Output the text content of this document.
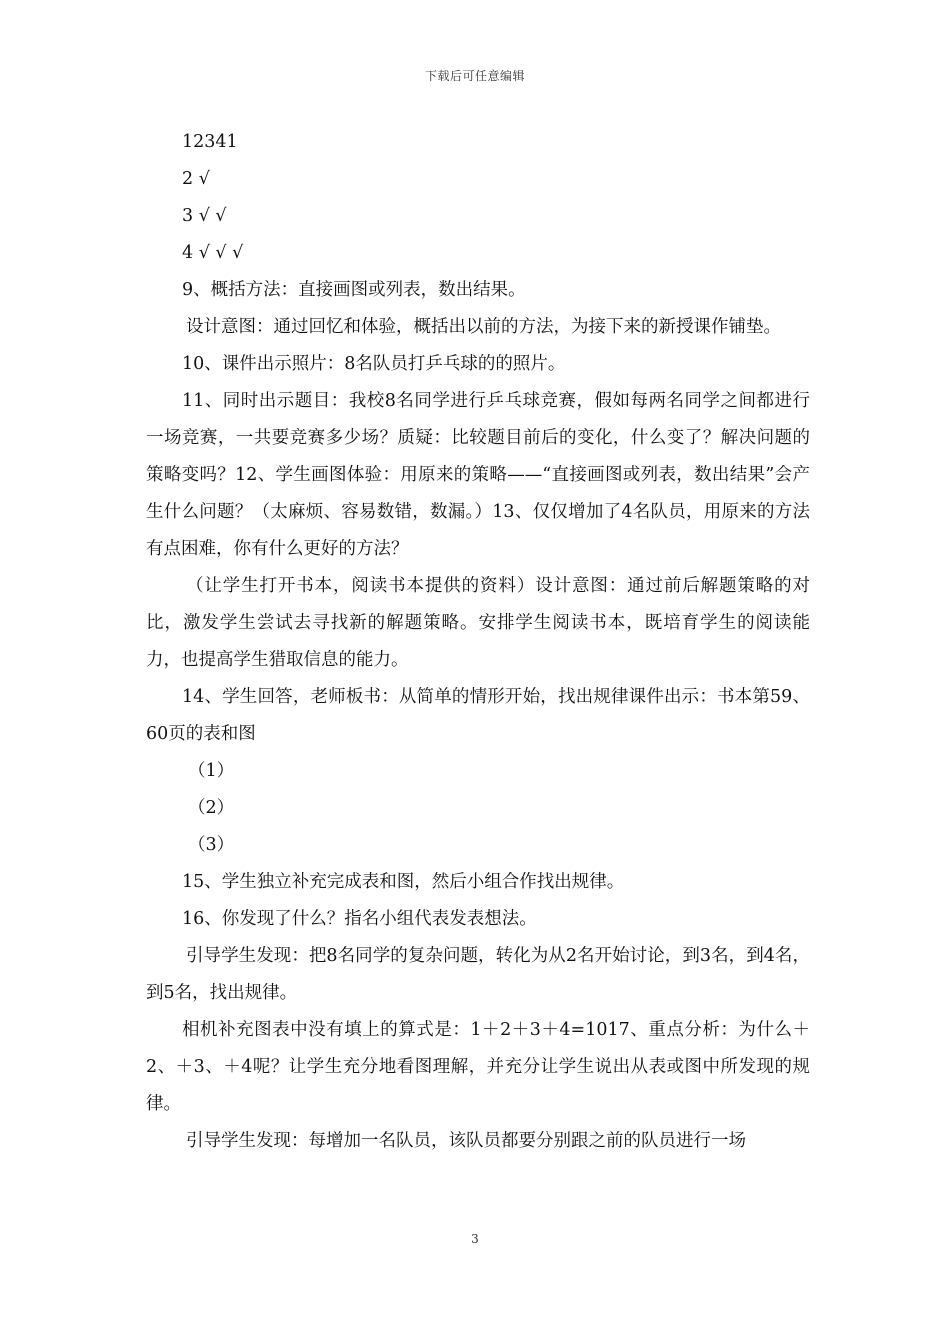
下载后可任意编辑

12341

2 √

3 √ √

4 √ √ √

9、概括方法：直接画图或列表，数出结果。

设计意图：通过回忆和体验，概括出以前的方法，为接下来的新授课作铺垫。

10、课件出示照片：8名队员打乒乓球的的照片。

11、同时出示题目：我校8名同学进行乒乓球竞赛，假如每两名同学之间都进行一场竞赛，一共要竞赛多少场？质疑：比较题目前后的变化，什么变了？解决问题的策略变吗？12、学生画图体验：用原来的策略——“直接画图或列表，数出结果”会产生什么问题？（太麻烦、容易数错，数漏。）13、仅仅增加了4名队员，用原来的方法有点困难，你有什么更好的方法？

（让学生打开书本，阅读书本提供的资料）设计意图：通过前后解题策略的对比，激发学生尝试去寻找新的解题策略。安排学生阅读书本，既培育学生的阅读能力，也提高学生猎取信息的能力。

14、学生回答，老师板书：从简单的情形开始，找出规律课件出示：书本第59、60页的表和图

（1）

（2）

（3）

15、学生独立补充完成表和图，然后小组合作找出规律。

16、你发现了什么？指名小组代表发表想法。

引导学生发现：把8名同学的复杂问题，转化为从2名开始讨论，到3名，到4名，到5名，找出规律。

相机补充图表中没有填上的算式是：1＋2＋3＋4=1017、重点分析：为什么＋2、＋3、＋4呢？让学生充分地看图理解，并充分让学生说出从表或图中所发现的规律。

引导学生发现：每增加一名队员，该队员都要分别跟之前的队员进行一场

3
